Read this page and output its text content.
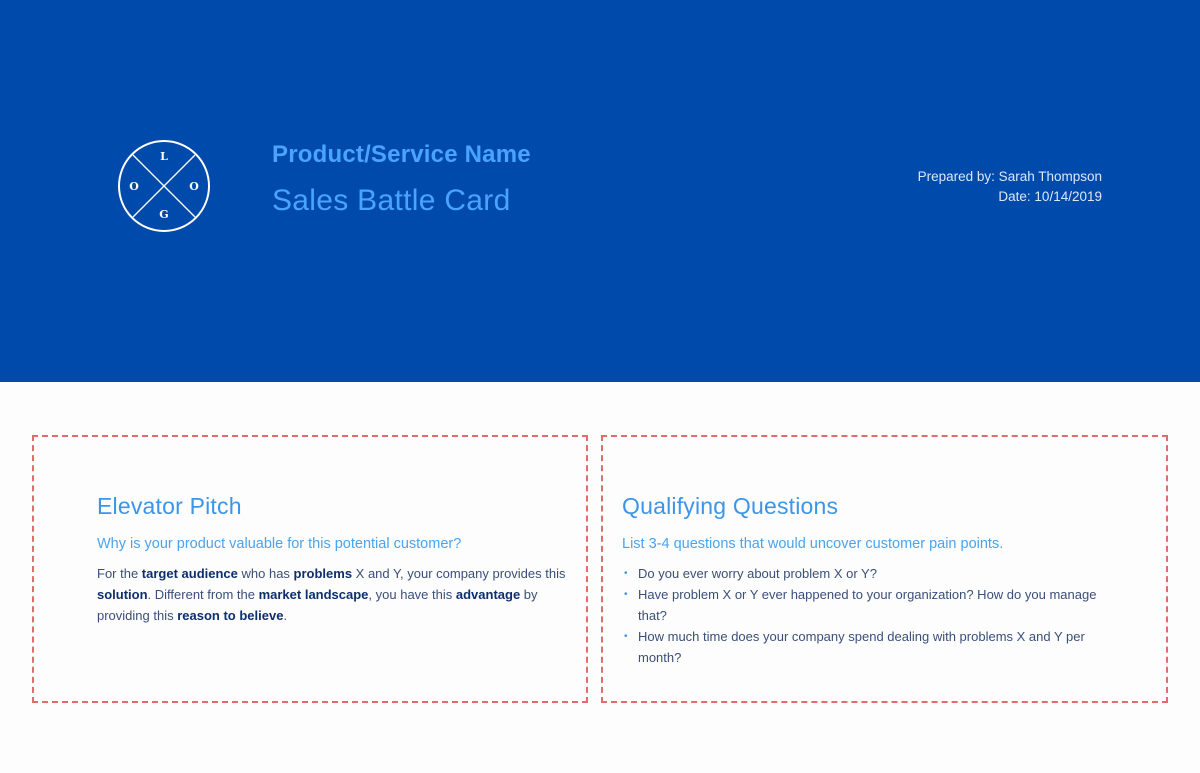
L
O	O
G
Product/Service Name
Sales Battle Card
Prepared by: Sarah Thompson
Date: 10/14/2019
Elevator Pitch
Why is your product valuable for this potential customer?
For the target audience who has problems X and Y, your company provides this solution. Different from the market landscape, you have this advantage by providing this reason to believe.
Qualifying Questions
List 3-4 questions that would uncover customer pain points.
• Do you ever worry about problem X or Y?
• Have problem X or Y ever happened to your organization? How do you manage that?
• How much time does your company spend dealing with problems X and Y per month?
